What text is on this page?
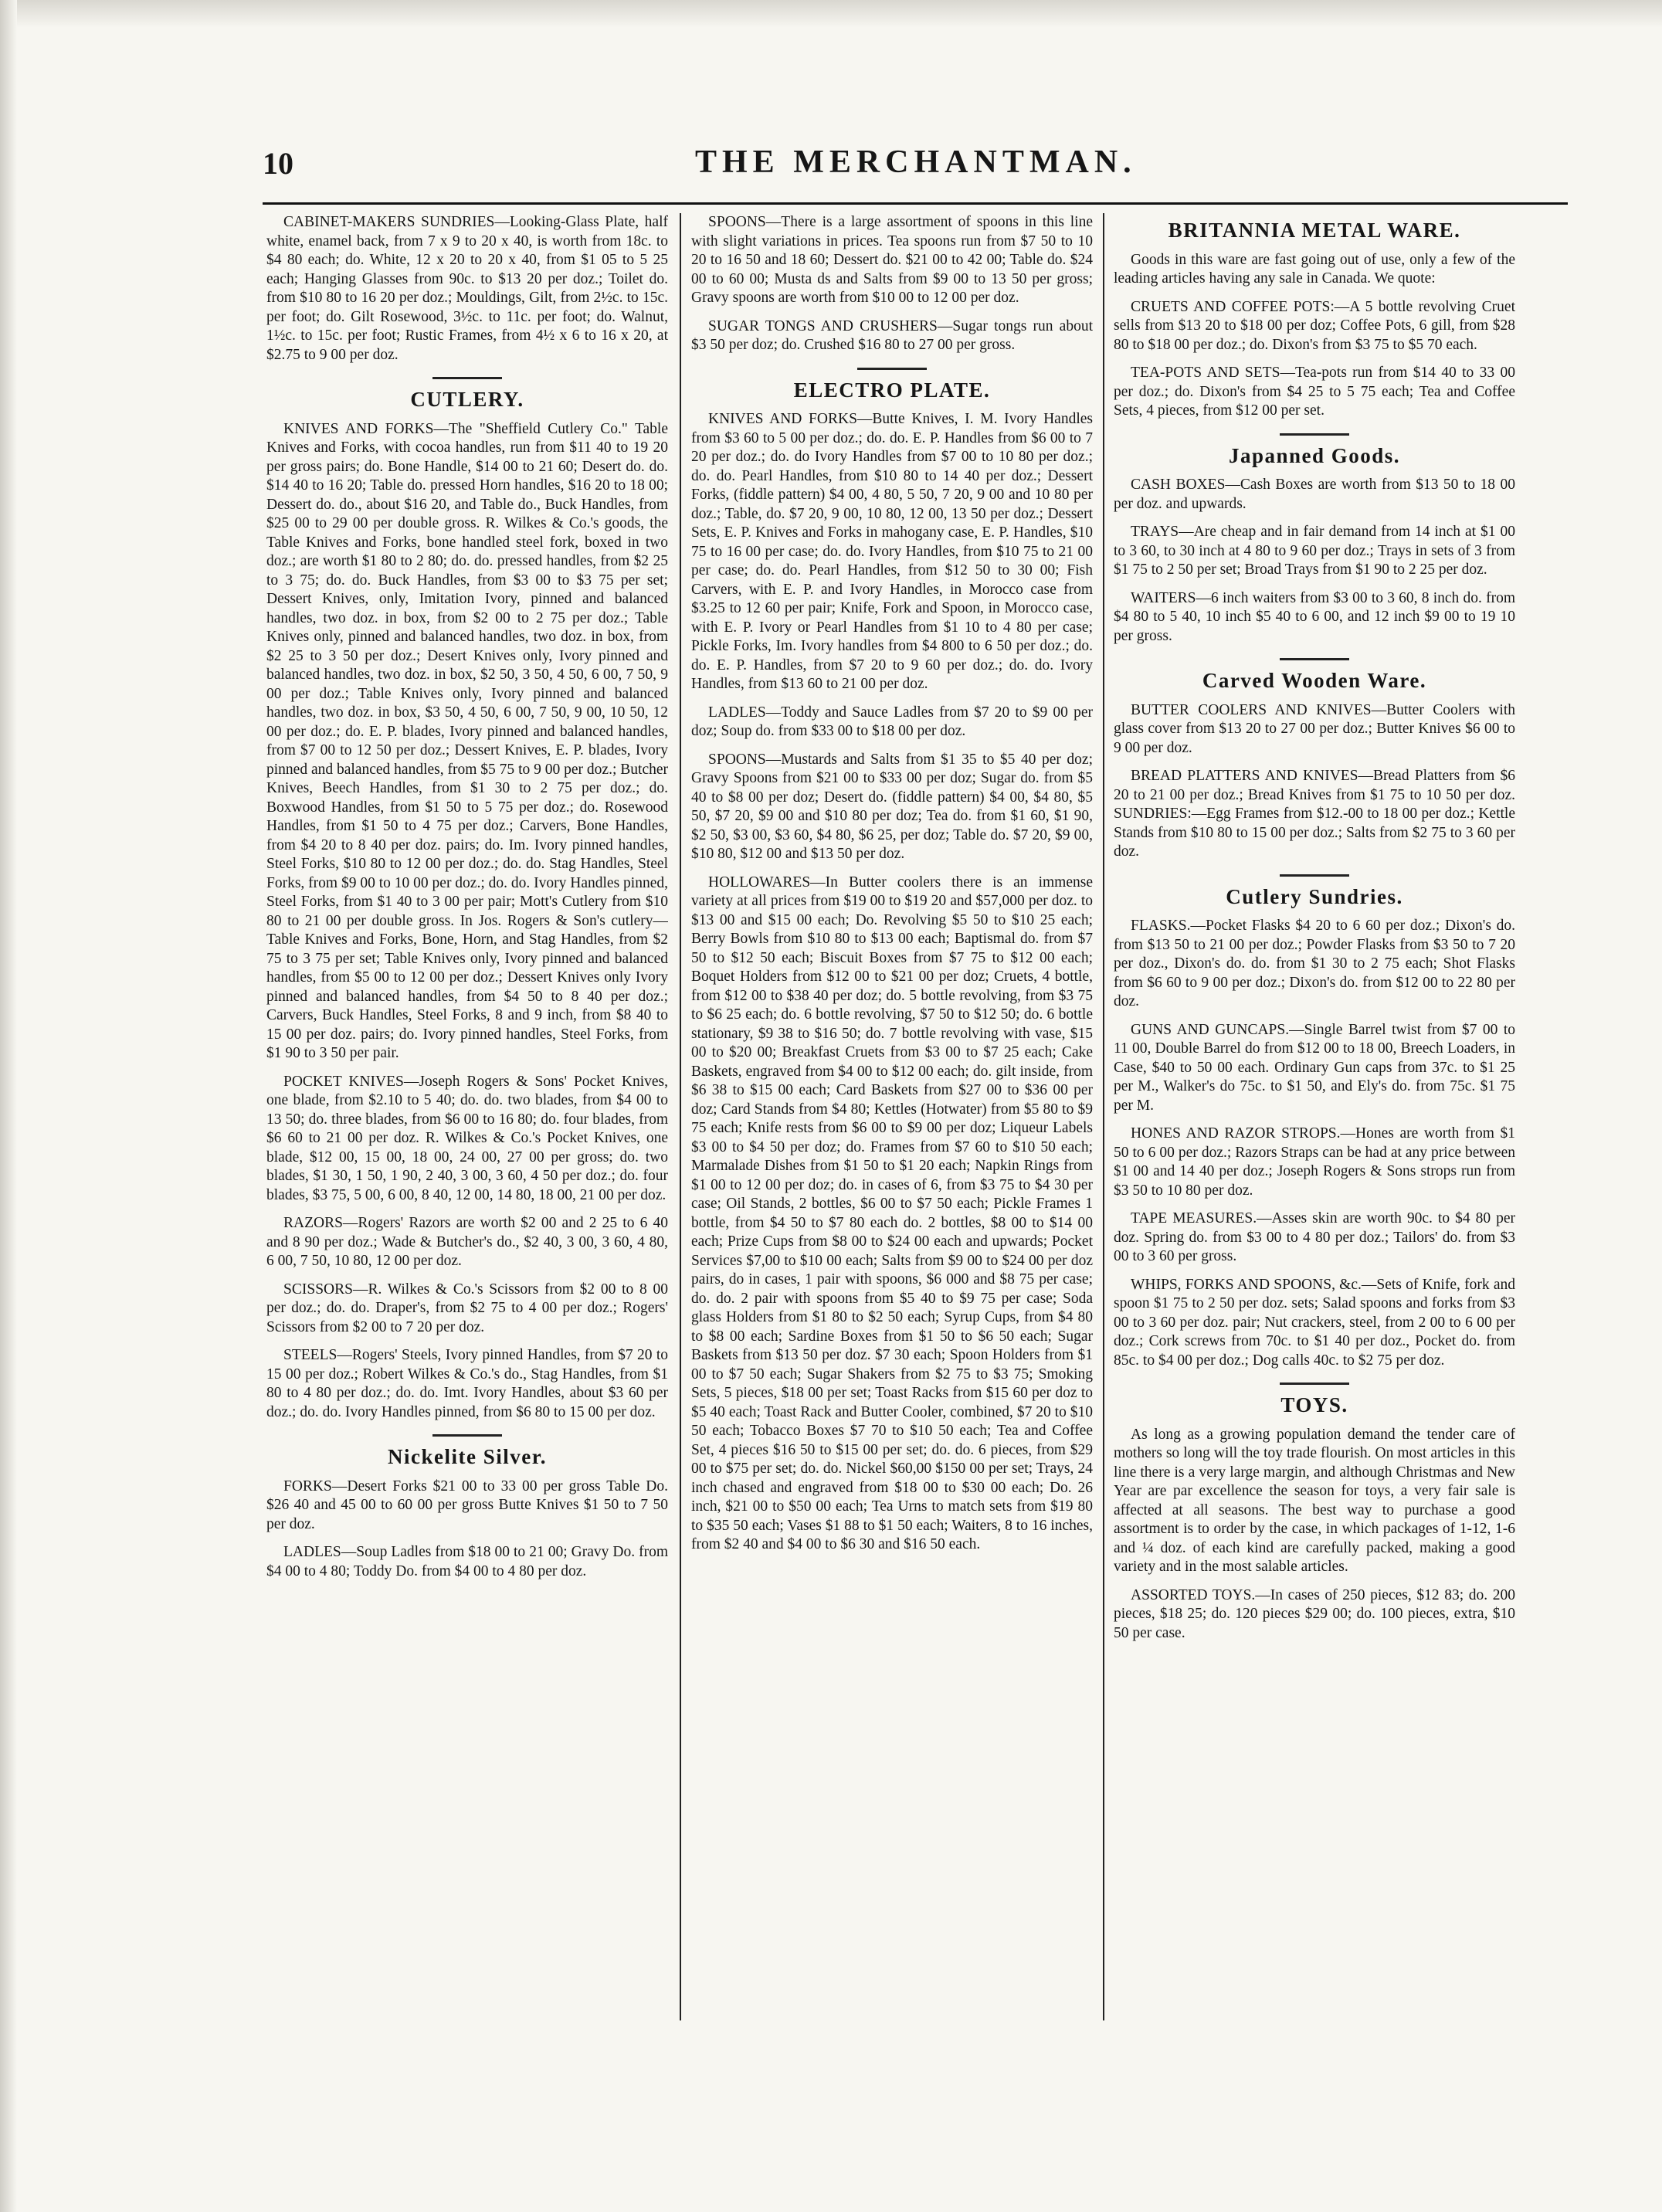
10	THE MERCHANTMAN.

CABINET-MAKERS SUNDRIES—Looking-Glass Plate, half white, enamel back, from 7 x 9 to 20 x 40, is worth from 18c. to $4 80 each; do. White, 12 x 20 to 20 x 40, from $1 05 to 5 25 each; Hanging Glasses from 90c. to $13 20 per doz.; Toilet do. from $10 80 to 16 20 per doz.; Mouldings, Gilt, from 2½c. to 15c. per foot; do. Gilt Rosewood, 3½c. to 11c. per foot; do. Walnut, 1½c. to 15c. per foot; Rustic Frames, from 4½ x 6 to 16 x 20, at $2.75 to 9 00 per doz.

CUTLERY.

KNIVES AND FORKS—The "Sheffield Cutlery Co." Table Knives and Forks, with cocoa handles, run from $11 40 to 19 20 per gross pairs; do. Bone Handle, $14 00 to 21 60; Desert do. do. $14 40 to 16 20; Table do. pressed Horn handles, $16 20 to 18 00; Dessert do. do., about $16 20, and Table do., Buck Handles, from $25 00 to 29 00 per double gross. R. Wilkes & Co.'s goods, the Table Knives and Forks, bone handled steel fork, boxed in two doz.; are worth $1 80 to 2 80; do. do. pressed handles, from $2 25 to 3 75; do. do. Buck Handles, from $3 00 to $3 75 per set; Dessert Knives, only, Imitation Ivory, pinned and balanced handles, two doz. in box, from $2 00 to 2 75 per doz.; Table Knives only, pinned and balanced handles, two doz. in box, from $2 25 to 3 50 per doz.; Desert Knives only, Ivory pinned and balanced handles, two doz. in box, $2 50, 3 50, 4 50, 6 00, 7 50, 9 00 per doz.; Table Knives only, Ivory pinned and balanced handles, two doz. in box, $3 50, 4 50, 6 00, 7 50, 9 00, 10 50, 12 00 per doz.; do. E. P. blades, Ivory pinned and balanced handles, from $7 00 to 12 50 per doz.; Dessert Knives, E. P. blades, Ivory pinned and balanced handles, from $5 75 to 9 00 per doz.; Butcher Knives, Beech Handles, from $1 30 to 2 75 per doz.; do. Boxwood Handles, from $1 50 to 5 75 per doz.; do. Rosewood Handles, from $1 50 to 4 75 per doz.; Carvers, Bone Handles, from $4 20 to 8 40 per doz. pairs; do. Im. Ivory pinned handles, Steel Forks, $10 80 to 12 00 per doz.; do. do. Stag Handles, Steel Forks, from $9 00 to 10 00 per doz.; do. do. Ivory Handles pinned, Steel Forks, from $1 40 to 3 00 per pair; Mott's Cutlery from $10 80 to 21 00 per double gross. In Jos. Rogers & Son's cutlery—Table Knives and Forks, Bone, Horn, and Stag Handles, from $2 75 to 3 75 per set; Table Knives only, Ivory pinned and balanced handles, from $5 00 to 12 00 per doz.; Dessert Knives only Ivory pinned and balanced handles, from $4 50 to 8 40 per doz.; Carvers, Buck Handles, Steel Forks, 8 and 9 inch, from $8 40 to 15 00 per doz. pairs; do. Ivory pinned handles, Steel Forks, from $1 90 to 3 50 per pair.

POCKET KNIVES—Joseph Rogers & Sons' Pocket Knives, one blade, from $2.10 to 5 40; do. do. two blades, from $4 00 to 13 50; do. three blades, from $6 00 to 16 80; do. four blades, from $6 60 to 21 00 per doz. R. Wilkes & Co.'s Pocket Knives, one blade, $12 00, 15 00, 18 00, 24 00, 27 00 per gross; do. two blades, $1 30, 1 50, 1 90, 2 40, 3 00, 3 60, 4 50 per doz.; do. four blades, $3 75, 5 00, 6 00, 8 40, 12 00, 14 80, 18 00, 21 00 per doz.

RAZORS—Rogers' Razors are worth $2 00 and 2 25 to 6 40 and 8 90 per doz.; Wade & Butcher's do., $2 40, 3 00, 3 60, 4 80, 6 00, 7 50, 10 80, 12 00 per doz.

SCISSORS—R. Wilkes & Co.'s Scissors from $2 00 to 8 00 per doz.; do. do. Draper's, from $2 75 to 4 00 per doz.; Rogers' Scissors from $2 00 to 7 20 per doz.

STEELS—Rogers' Steels, Ivory pinned Handles, from $7 20 to 15 00 per doz.; Robert Wilkes & Co.'s do., Stag Handles, from $1 80 to 4 80 per doz.; do. do. Imt. Ivory Handles, about $3 60 per doz.; do. do. Ivory Handles pinned, from $6 80 to 15 00 per doz.

Nickelite Silver.

FORKS—Desert Forks $21 00 to 33 00 per gross Table Do. $26 40 and 45 00 to 60 00 per gross Butte Knives $1 50 to 7 50 per doz.

LADLES—Soup Ladles from $18 00 to 21 00; Gravy Do. from $4 00 to 4 80; Toddy Do. from $4 00 to 4 80 per doz.

SPOONS—There is a large assortment of spoons in this line with slight variations in prices. Tea spoons run from $7 50 to 10 20 to 16 50 and 18 60; Dessert do. $21 00 to 42 00; Table do. $24 00 to 60 00; Musta ds and Salts from $9 00 to 13 50 per gross; Gravy spoons are worth from $10 00 to 12 00 per doz.

SUGAR TONGS AND CRUSHERS—Sugar tongs run about $3 50 per doz; do. Crushed $16 80 to 27 00 per gross.

ELECTRO PLATE.

KNIVES AND FORKS—Butte Knives, I. M. Ivory Handles from $3 60 to 5 00 per doz.; do. do. E. P. Handles from $6 00 to 7 20 per doz.; do. do Ivory Handles from $7 00 to 10 80 per doz.; do. do. Pearl Handles, from $10 80 to 14 40 per doz.; Dessert Forks, (fiddle pattern) $4 00, 4 80, 5 50, 7 20, 9 00 and 10 80 per doz.; Table, do. $7 20, 9 00, 10 80, 12 00, 13 50 per doz.; Dessert Sets, E. P. Knives and Forks in mahogany case, E. P. Handles, $10 75 to 16 00 per case; do. do. Ivory Handles, from $10 75 to 21 00 per case; do. do. Pearl Handles, from $12 50 to 30 00; Fish Carvers, with E. P. and Ivory Handles, in Morocco case from $3.25 to 12 60 per pair; Knife, Fork and Spoon, in Morocco case, with E. P. Ivory or Pearl Handles from $1 10 to 4 80 per case; Pickle Forks, Im. Ivory handles from $4 800 to 6 50 per doz.; do. do. E. P. Handles, from $7 20 to 9 60 per doz.; do. do. Ivory Handles, from $13 60 to 21 00 per doz.

LADLES—Toddy and Sauce Ladles from $7 20 to $9 00 per doz; Soup do. from $33 00 to $18 00 per doz.

SPOONS—Mustards and Salts from $1 35 to $5 40 per doz; Gravy Spoons from $21 00 to $33 00 per doz; Sugar do. from $5 40 to $8 00 per doz; Desert do. (fiddle pattern) $4 00, $4 80, $5 50, $7 20, $9 00 and $10 80 per doz; Tea do. from $1 60, $1 90, $2 50, $3 00, $3 60, $4 80, $6 25, per doz; Table do. $7 20, $9 00, $10 80, $12 00 and $13 50 per doz.

HOLLOWARES—In Butter coolers there is an immense variety at all prices from $19 00 to $19 20 and $57,000 per doz. to $13 00 and $15 00 each; Do. Revolving $5 50 to $10 25 each; Berry Bowls from $10 80 to $13 00 each; Baptismal do. from $7 50 to $12 50 each; Biscuit Boxes from $7 75 to $12 00 each; Boquet Holders from $12 00 to $21 00 per doz; Cruets, 4 bottle, from $12 00 to $38 40 per doz; do. 5 bottle revolving, from $3 75 to $6 25 each; do. 6 bottle revolving, $7 50 to $12 50; do. 6 bottle stationary, $9 38 to $16 50; do. 7 bottle revolving with vase, $15 00 to $20 00; Breakfast Cruets from $3 00 to $7 25 each; Cake Baskets, engraved from $4 00 to $12 00 each; do. gilt inside, from $6 38 to $15 00 each; Card Baskets from $27 00 to $36 00 per doz; Card Stands from $4 80; Kettles (Hotwater) from $5 80 to $9 75 each; Knife rests from $6 00 to $9 00 per doz; Liqueur Labels $3 00 to $4 50 per doz; do. Frames from $7 60 to $10 50 each; Marmalade Dishes from $1 50 to $1 20 each; Napkin Rings from $1 00 to 12 00 per doz; do. in cases of 6, from $3 75 to $4 30 per case; Oil Stands, 2 bottles, $6 00 to $7 50 each; Pickle Frames 1 bottle, from $4 50 to $7 80 each do. 2 bottles, $8 00 to $14 00 each; Prize Cups from $8 00 to $24 00 each and upwards; Pocket Services $7,00 to $10 00 each; Salts from $9 00 to $24 00 per doz pairs, do in cases, 1 pair with spoons, $6 000 and $8 75 per case; do. do. 2 pair with spoons from $5 40 to $9 75 per case; Soda glass Holders from $1 80 to $2 50 each; Syrup Cups, from $4 80 to $8 00 each; Sardine Boxes from $1 50 to $6 50 each; Sugar Baskets from $13 50 per doz. $7 30 each; Spoon Holders from $1 00 to $7 50 each; Sugar Shakers from $2 75 to $3 75; Smoking Sets, 5 pieces, $18 00 per set; Toast Racks from $15 60 per doz to $5 40 each; Toast Rack and Butter Cooler, combined, $7 20 to $10 50 each; Tobacco Boxes $7 70 to $10 50 each; Tea and Coffee Set, 4 pieces $16 50 to $15 00 per set; do. do. 6 pieces, from $29 00 to $75 per set; do. do. Nickel $60,00 $150 00 per set; Trays, 24 inch chased and engraved from $18 00 to $30 00 each; Do. 26 inch, $21 00 to $50 00 each; Tea Urns to match sets from $19 80 to $35 50 each; Vases $1 88 to $1 50 each; Waiters, 8 to 16 inches, from $2 40 and $4 00 to $6 30 and $16 50 each.

BRITANNIA METAL WARE.

Goods in this ware are fast going out of use, only a few of the leading articles having any sale in Canada. We quote:

CRUETS AND COFFEE POTS:—A 5 bottle revolving Cruet sells from $13 20 to $18 00 per doz; Coffee Pots, 6 gill, from $28 80 to $18 00 per doz.; do. Dixon's from $3 75 to $5 70 each.

TEA-POTS AND SETS—Tea-pots run from $14 40 to 33 00 per doz.; do. Dixon's from $4 25 to 5 75 each; Tea and Coffee Sets, 4 pieces, from $12 00 per set.

Japanned Goods.

CASH BOXES—Cash Boxes are worth from $13 50 to 18 00 per doz. and upwards.

TRAYS—Are cheap and in fair demand from 14 inch at $1 00 to 3 60, to 30 inch at 4 80 to 9 60 per doz.; Trays in sets of 3 from $1 75 to 2 50 per set; Broad Trays from $1 90 to 2 25 per doz.

WAITERS—6 inch waiters from $3 00 to 3 60, 8 inch do. from $4 80 to 5 40, 10 inch $5 40 to 6 00, and 12 inch $9 00 to 19 10 per gross.

Carved Wooden Ware.

BUTTER COOLERS AND KNIVES—Butter Coolers with glass cover from $13 20 to 27 00 per doz.; Butter Knives $6 00 to 9 00 per doz.

BREAD PLATTERS AND KNIVES—Bread Platters from $6 20 to 21 00 per doz.; Bread Knives from $1 75 to 10 50 per doz. SUNDRIES:—Egg Frames from $12.-00 to 18 00 per doz.; Kettle Stands from $10 80 to 15 00 per doz.; Salts from $2 75 to 3 60 per doz.

Cutlery Sundries.

FLASKS.—Pocket Flasks $4 20 to 6 60 per doz.; Dixon's do. from $13 50 to 21 00 per doz.; Powder Flasks from $3 50 to 7 20 per doz., Dixon's do. do. from $1 30 to 2 75 each; Shot Flasks from $6 60 to 9 00 per doz.; Dixon's do. from $12 00 to 22 80 per doz.

GUNS AND GUNCAPS.—Single Barrel twist from $7 00 to 11 00, Double Barrel do from $12 00 to 18 00, Breech Loaders, in Case, $40 to 50 00 each. Ordinary Gun caps from 37c. to $1 25 per M., Walker's do 75c. to $1 50, and Ely's do. from 75c. $1 75 per M.

HONES AND RAZOR STROPS.—Hones are worth from $1 50 to 6 00 per doz.; Razors Straps can be had at any price between $1 00 and 14 40 per doz.; Joseph Rogers & Sons strops run from $3 50 to 10 80 per doz.

TAPE MEASURES.—Asses skin are worth 90c. to $4 80 per doz. Spring do. from $3 00 to 4 80 per doz.; Tailors' do. from $3 00 to 3 60 per gross.

WHIPS, FORKS AND SPOONS, &c.—Sets of Knife, fork and spoon $1 75 to 2 50 per doz. sets; Salad spoons and forks from $3 00 to 3 60 per doz. pair; Nut crackers, steel, from 2 00 to 6 00 per doz.; Cork screws from 70c. to $1 40 per doz., Pocket do. from 85c. to $4 00 per doz.; Dog calls 40c. to $2 75 per doz.

TOYS.

As long as a growing population demand the tender care of mothers so long will the toy trade flourish. On most articles in this line there is a very large margin, and although Christmas and New Year are par excellence the season for toys, a very fair sale is affected at all seasons. The best way to purchase a good assortment is to order by the case, in which packages of 1-12, 1-6 and ¼ doz. of each kind are carefully packed, making a good variety and in the most salable articles.

ASSORTED TOYS.—In cases of 250 pieces, $12 83; do. 200 pieces, $18 25; do. 120 pieces $29 00; do. 100 pieces, extra, $10 50 per case.
